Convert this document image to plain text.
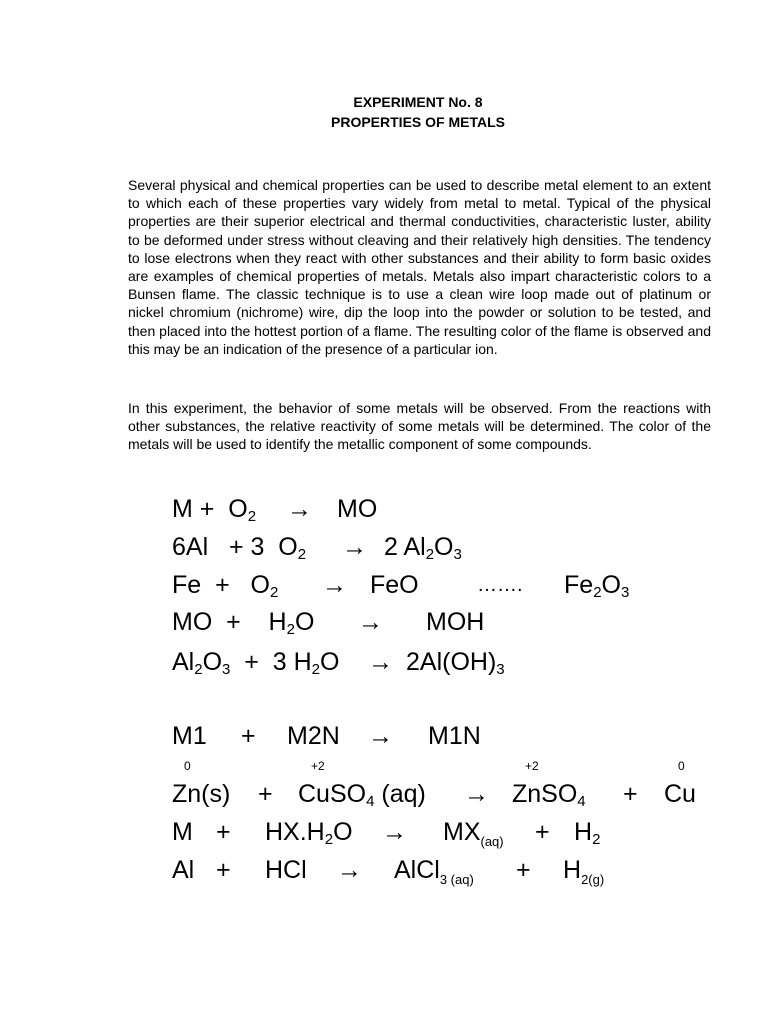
EXPERIMENT No. 8
PROPERTIES OF METALS
Several physical and chemical properties can be used to describe metal element to an extent to which each of these properties vary widely from metal to metal. Typical of the physical properties are their superior electrical and thermal conductivities, characteristic luster, ability to be deformed under stress without cleaving and their relatively high densities. The tendency to lose electrons when they react with other substances and their ability to form basic oxides are examples of chemical properties of metals. Metals also impart characteristic colors to a Bunsen flame. The classic technique is to use a clean wire loop made out of platinum or nickel chromium (nichrome) wire, dip the loop into the powder or solution to be tested, and then placed into the hottest portion of a flame. The resulting color of the flame is observed and this may be an indication of the presence of a particular ion.
In this experiment, the behavior of some metals will be observed. From the reactions with other substances, the relative reactivity of some metals will be determined. The color of the metals will be used to identify the metallic component of some compounds.
$M + O_2$ → MO
6Al   + 3  $O_2 \to 2$ $Al_2O_3$
$Fe + O_2$ → FeO	……. $Fe_2O_3$
MO  +    $H_2O$ → MOH
$Al_2O_3 + 3$ $H_2O \to 2Al(OH)_3$
M1 + M2N → M1N
0	+2	+2	0
Zn(s) + CuSO$_4$ (aq) → ZnSO$_4$ + Cu
$M + HX.H_2O \to MX_{(aq)} + H_2$
Al + HCl → AlCl$_{3 (aq)}$ + $H_{2(g)}$
